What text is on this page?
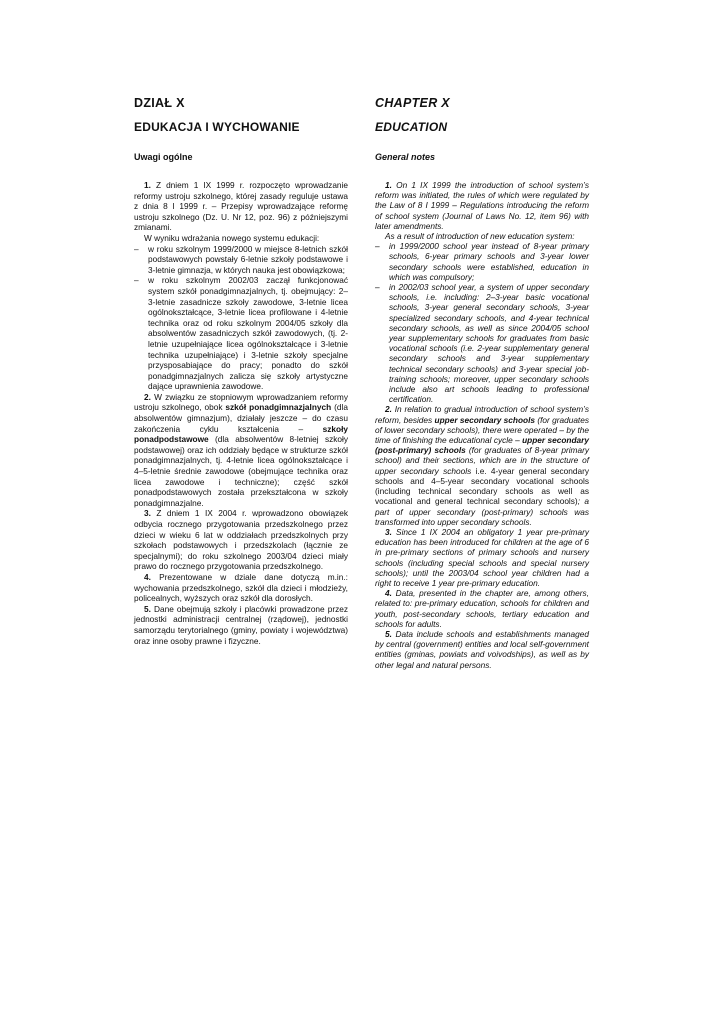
DZIAŁ X
EDUKACJA I WYCHOWANIE
Uwagi ogólne

1. Z dniem 1 IX 1999 r. rozpoczęto wprowadzanie reformy ustroju szkolnego, której zasady reguluje ustawa z dnia 8 I 1999 r. – Przepisy wprowadzające reformę ustroju szkolnego (Dz. U. Nr 12, poz. 96) z późniejszymi zmianami.

W wyniku wdrażania nowego systemu edukacji:

– w roku szkolnym 1999/2000 w miejsce 8-letnich szkół podstawowych powstały 6-letnie szkoły podstawowe i 3-letnie gimnazja, w których nauka jest obowiązkowa;
– w roku szkolnym 2002/03 zaczął funkcjonować system szkół ponadgimnazjalnych, tj. obejmujący: 2–3-letnie zasadnicze szkoły zawodowe, 3-letnie licea ogólnokształcące, 3-letnie licea profilowane i 4-letnie technika oraz od roku szkolnym 2004/05 szkoły dla absolwentów zasadniczych szkół zawodowych, (tj. 2-letnie uzupełniające licea ogólnokształcące i 3-letnie technika uzupełniające) i 3-letnie szkoły specjalne przysposabiające do pracy; ponadto do szkół ponadgimnazjalnych zalicza się szkoły artystyczne dające uprawnienia zawodowe.

2. W związku ze stopniowym wprowadzaniem reformy ustroju szkolnego, obok szkół ponadgimnazjalnych (dla absolwentów gimnazjum), działały jeszcze – do czasu zakończenia cyklu kształcenia – szkoły ponadpodstawowe (dla absolwentów 8-letniej szkoły podstawowej) oraz ich oddziały będące w strukturze szkół ponadgimnazjalnych, tj. 4-letnie licea ogólnokształcące i 4–5-letnie średnie zawodowe (obejmujące technika oraz licea zawodowe i techniczne); część szkół ponadpodstawowych została przekształcona w szkoły ponadgimnazjalne.

3. Z dniem 1 IX 2004 r. wprowadzono obowiązek odbycia rocznego przygotowania przedszkolnego przez dzieci w wieku 6 lat w oddziałach przedszkolnych przy szkołach podstawowych i przedszkolach (łącznie ze specjalnymi); do roku szkolnego 2003/04 dzieci miały prawo do rocznego przygotowania przedszkolnego.

4. Prezentowane w dziale dane dotyczą m.in.: wychowania przedszkolnego, szkół dla dzieci i młodzieży, policealnych, wyższych oraz szkół dla dorosłych.

5. Dane obejmują szkoły i placówki prowadzone przez jednostki administracji centralnej (rządowej), jednostki samorządu terytorialnego (gminy, powiaty i województwa) oraz inne osoby prawne i fizyczne.

CHAPTER X
EDUCATION
General notes

1. On 1 IX 1999 the introduction of school system’s reform was initiated, the rules of which were regulated by the Law of 8 I 1999 – Regulations introducing the reform of school system (Journal of Laws No. 12, item 96) with later amendments.

As a result of introduction of new education system:

– in 1999/2000 school year instead of 8-year primary schools, 6-year primary schools and 3-year lower secondary schools were established, education in which was compulsory;
– in 2002/03 school year, a system of upper secondary schools, i.e. including: 2–3-year basic vocational schools, 3-year general secondary schools, 3-year specialized secondary schools, and 4-year technical secondary schools, as well as since 2004/05 school year supplementary schools for graduates from basic vocational schools (i.e. 2-year supplementary general secondary schools and 3-year supplementary technical secondary schools) and 3-year special job-training schools; moreover, upper secondary schools include also art schools leading to professional certification.

2. In relation to gradual introduction of school system’s reform, besides upper secondary schools (for graduates of lower secondary schools), there were operated – by the time of finishing the educational cycle – upper secondary (post-primary) schools (for graduates of 8-year primary school) and their sections, which are in the structure of upper secondary schools i.e. 4-year general secondary schools and 4–5-year secondary vocational schools (including technical secondary schools as well as vocational and general technical secondary schools); a part of upper secondary (post-primary) schools was transformed into upper secondary schools.

3. Since 1 IX 2004 an obligatory 1 year pre-primary education has been introduced for children at the age of 6 in pre-primary sections of primary schools and nursery schools (including special schools and special nursery schools); until the 2003/04 school year children had a right to receive 1 year pre-primary education.

4. Data, presented in the chapter are, among others, related to: pre-primary education, schools for children and youth, post-secondary schools, tertiary education and schools for adults.

5. Data include schools and establishments managed by central (government) entities and local self-government entities (gminas, powiats and voivodships), as well as by other legal and natural persons.
